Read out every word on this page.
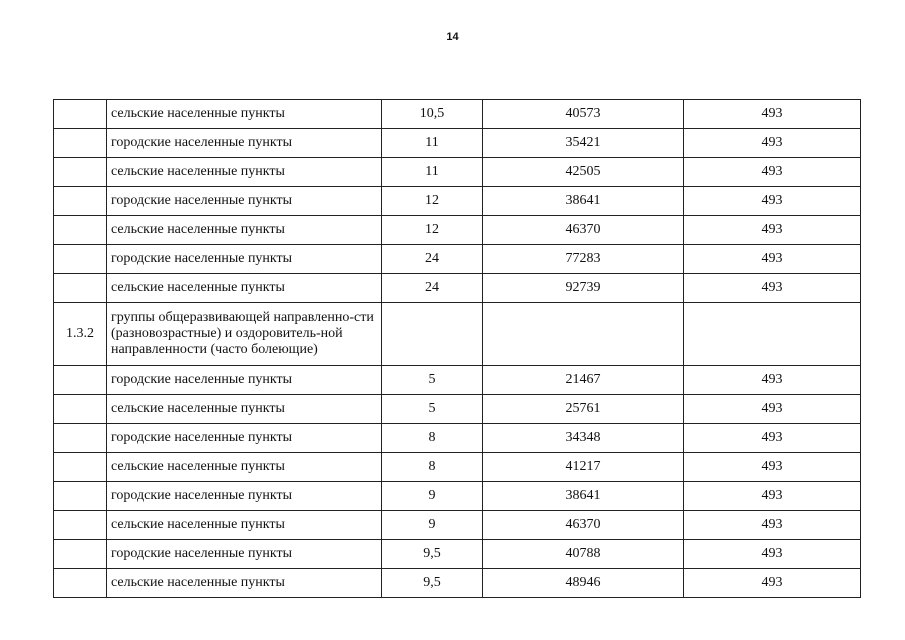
14
	сельские населенные пункты	10,5	40573	493
	городские населенные пункты	11	35421	493
	сельские населенные пункты	11	42505	493
	городские населенные пункты	12	38641	493
	сельские населенные пункты	12	46370	493
	городские населенные пункты	24	77283	493
	сельские населенные пункты	24	92739	493
1.3.2	группы общеразвивающей направленно-сти (разновозрастные) и оздоровитель-ной направленности (часто болеющие)			
	городские населенные пункты	5	21467	493
	сельские населенные пункты	5	25761	493
	городские населенные пункты	8	34348	493
	сельские населенные пункты	8	41217	493
	городские населенные пункты	9	38641	493
	сельские населенные пункты	9	46370	493
	городские населенные пункты	9,5	40788	493
	сельские населенные пункты	9,5	48946	493
